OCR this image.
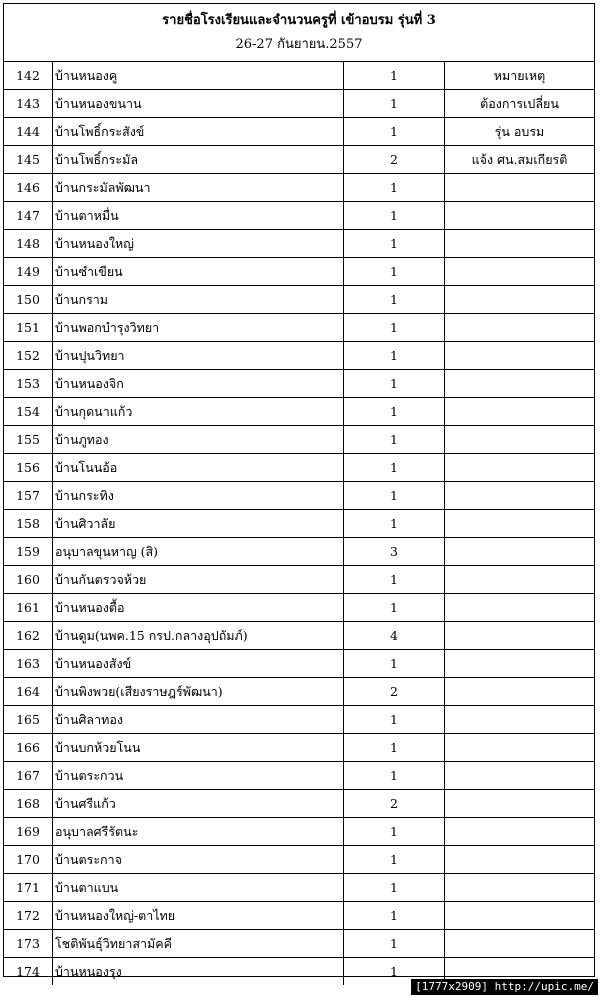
รายชื่อโรงเรียนและจำนวนครูที่ เข้าอบรม รุ่นที่ 3
26-27 กันยายน.2557
142	บ้านหนองคู	1	หมายเหตุ
143	บ้านหนองขนาน	1	ต้องการเปลี่ยน
144	บ้านโพธิ์กระสังข์	1	รุ่น อบรม
145	บ้านโพธิ์กระมัล	2	แจ้ง ศน.สมเกียรติ
146	บ้านกระมัลพัฒนา	1	
147	บ้านตาหมื่น	1	
148	บ้านหนองใหญ่	1	
149	บ้านซำเขียน	1	
150	บ้านกราม	1	
151	บ้านพอกบำรุงวิทยา	1	
152	บ้านปุนวิทยา	1	
153	บ้านหนองจิก	1	
154	บ้านกุดนาแก้ว	1	
155	บ้านภูทอง	1	
156	บ้านโนนอ้อ	1	
157	บ้านกระทิง	1	
158	บ้านศิวาลัย	1	
159	อนุบาลขุนหาญ (สิ)	3	
160	บ้านกันตรวจห้วย	1	
161	บ้านหนองตื้อ	1	
162	บ้านดูม(นพค.15 กรป.กลางอุปถัมภ์)	4	
163	บ้านหนองสังข์	1	
164	บ้านพิงพวย(เสียงราษฎร์พัฒนา)	2	
165	บ้านศิลาทอง	1	
166	บ้านบกห้วยโนน	1	
167	บ้านตระกวน	1	
168	บ้านศรีแก้ว	2	
169	อนุบาลศรีรัตนะ	1	
170	บ้านตระกาจ	1	
171	บ้านตาแบน	1	
172	บ้านหนองใหญ่-ตาไทย	1	
173	โชติพันธุ์วิทยาสามัคคี	1	
174	บ้านหนองรุง	1	
[1777x2909] http://upic.me/
